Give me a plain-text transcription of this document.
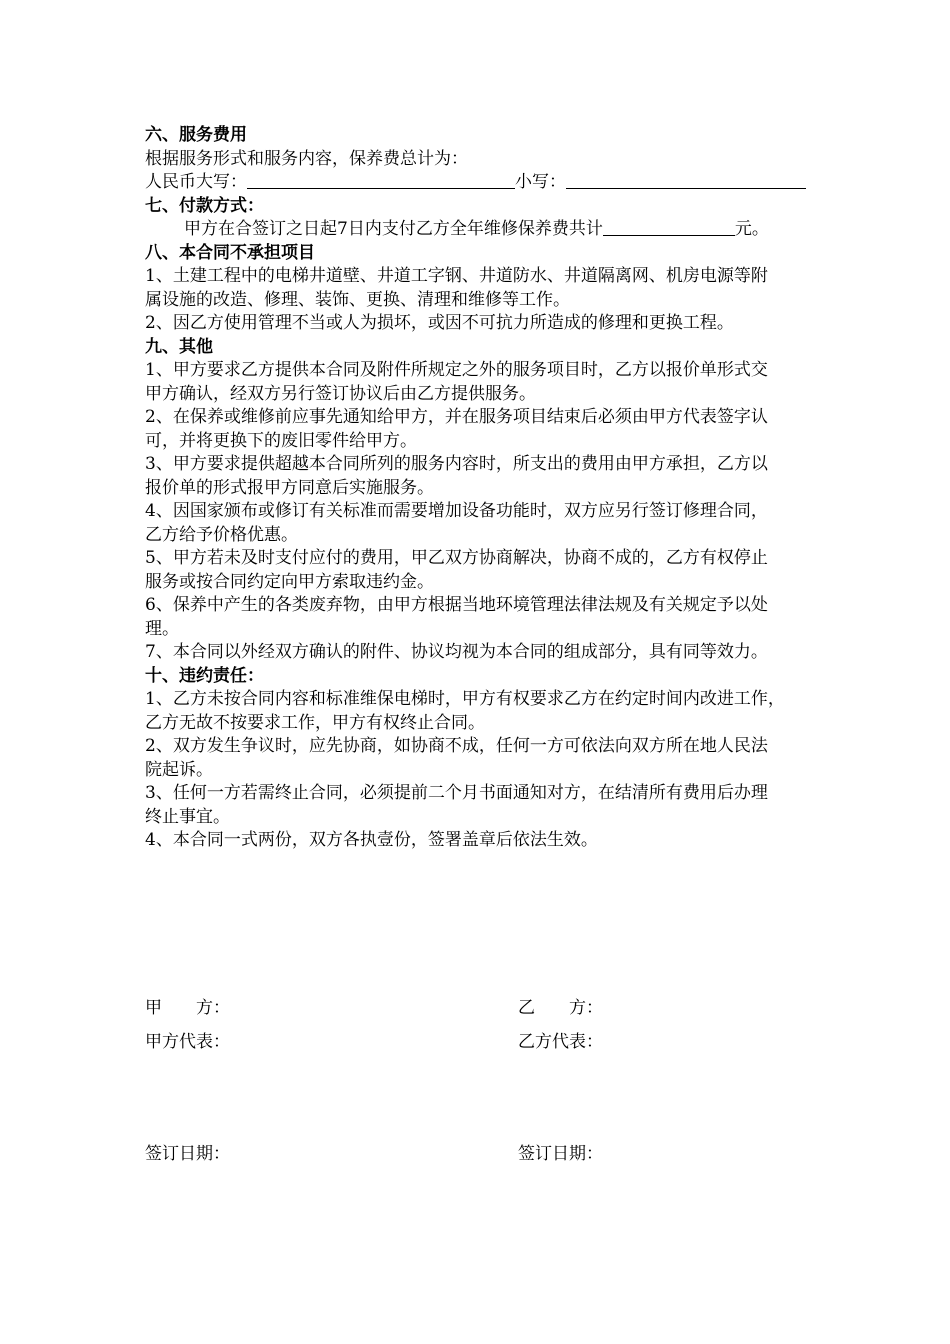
六、服务费用

根据服务形式和服务内容，保养费总计为：

人民币大写：	小写：

七、付款方式：

甲方在合签订之日起7日内支付乙方全年维修保养费共计	元。

八、本合同不承担项目

1、土建工程中的电梯井道壁、井道工字钢、井道防水、井道隔离网、机房电源等附

属设施的改造、修理、装饰、更换、清理和维修等工作。

2、因乙方使用管理不当或人为损坏，或因不可抗力所造成的修理和更换工程。

九、其他

1、甲方要求乙方提供本合同及附件所规定之外的服务项目时，乙方以报价单形式交

甲方确认，经双方另行签订协议后由乙方提供服务。

2、在保养或维修前应事先通知给甲方，并在服务项目结束后必须由甲方代表签字认

可，并将更换下的废旧零件给甲方。

3、甲方要求提供超越本合同所列的服务内容时，所支出的费用由甲方承担，乙方以

报价单的形式报甲方同意后实施服务。

4、因国家颁布或修订有关标准而需要增加设备功能时，双方应另行签订修理合同，

乙方给予价格优惠。

5、甲方若未及时支付应付的费用，甲乙双方协商解决，协商不成的，乙方有权停止

服务或按合同约定向甲方索取违约金。

6、保养中产生的各类废弃物，由甲方根据当地环境管理法律法规及有关规定予以处

理。

7、本合同以外经双方确认的附件、协议均视为本合同的组成部分，具有同等效力。

十、违约责任：

1、乙方未按合同内容和标准维保电梯时，甲方有权要求乙方在约定时间内改进工作，

乙方无故不按要求工作，甲方有权终止合同。

2、双方发生争议时，应先协商，如协商不成，任何一方可依法向双方所在地人民法

院起诉。

3、任何一方若需终止合同，必须提前二个月书面通知对方，在结清所有费用后办理

终止事宜。

4、本合同一式两份，双方各执壹份，签署盖章后依法生效。

甲　　方：	乙　　方：
甲方代表：	乙方代表：
签订日期：	签订日期：
